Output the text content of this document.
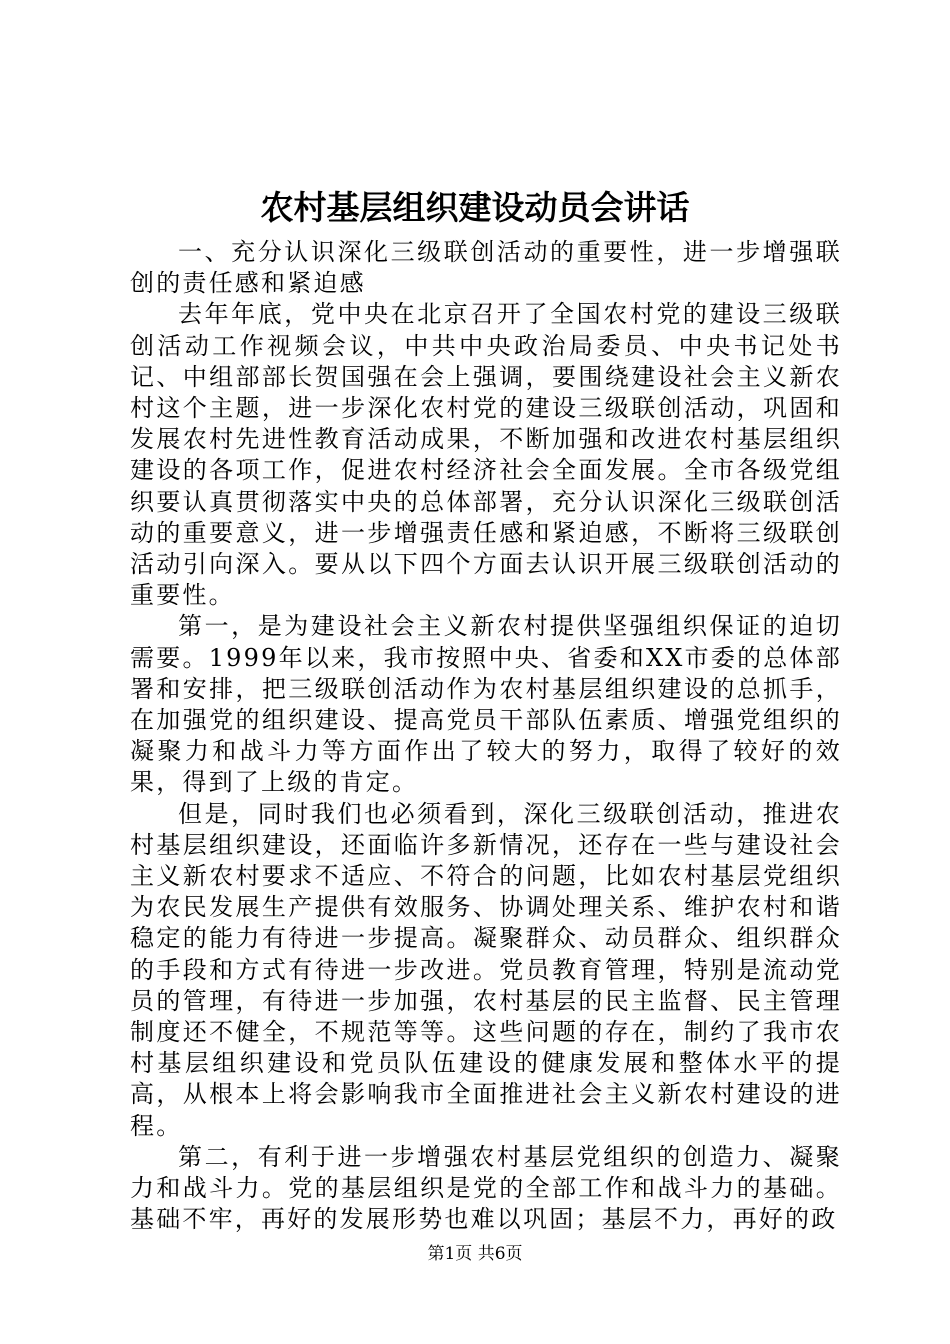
农村基层组织建设动员会讲话

一、充分认识深化三级联创活动的重要性，进一步增强联创的责任感和紧迫感

去年年底，党中央在北京召开了全国农村党的建设三级联创活动工作视频会议，中共中央政治局委员、中央书记处书记、中组部部长贺国强在会上强调，要围绕建设社会主义新农村这个主题，进一步深化农村党的建设三级联创活动，巩固和发展农村先进性教育活动成果，不断加强和改进农村基层组织建设的各项工作，促进农村经济社会全面发展。全市各级党组织要认真贯彻落实中央的总体部署，充分认识深化三级联创活动的重要意义，进一步增强责任感和紧迫感，不断将三级联创活动引向深入。要从以下四个方面去认识开展三级联创活动的重要性。

第一，是为建设社会主义新农村提供坚强组织保证的迫切需要。1999年以来，我市按照中央、省委和XX市委的总体部署和安排，把三级联创活动作为农村基层组织建设的总抓手，在加强党的组织建设、提高党员干部队伍素质、增强党组织的凝聚力和战斗力等方面作出了较大的努力，取得了较好的效果，得到了上级的肯定。

但是，同时我们也必须看到，深化三级联创活动，推进农村基层组织建设，还面临许多新情况，还存在一些与建设社会主义新农村要求不适应、不符合的问题，比如农村基层党组织为农民发展生产提供有效服务、协调处理关系、维护农村和谐稳定的能力有待进一步提高。凝聚群众、动员群众、组织群众的手段和方式有待进一步改进。党员教育管理，特别是流动党员的管理，有待进一步加强，农村基层的民主监督、民主管理制度还不健全，不规范等等。这些问题的存在，制约了我市农村基层组织建设和党员队伍建设的健康发展和整体水平的提高，从根本上将会影响我市全面推进社会主义新农村建设的进程。

第二，有利于进一步增强农村基层党组织的创造力、凝聚力和战斗力。党的基层组织是党的全部工作和战斗力的基础。基础不牢，再好的发展形势也难以巩固；基层不力，再好的政

第1页 共6页
